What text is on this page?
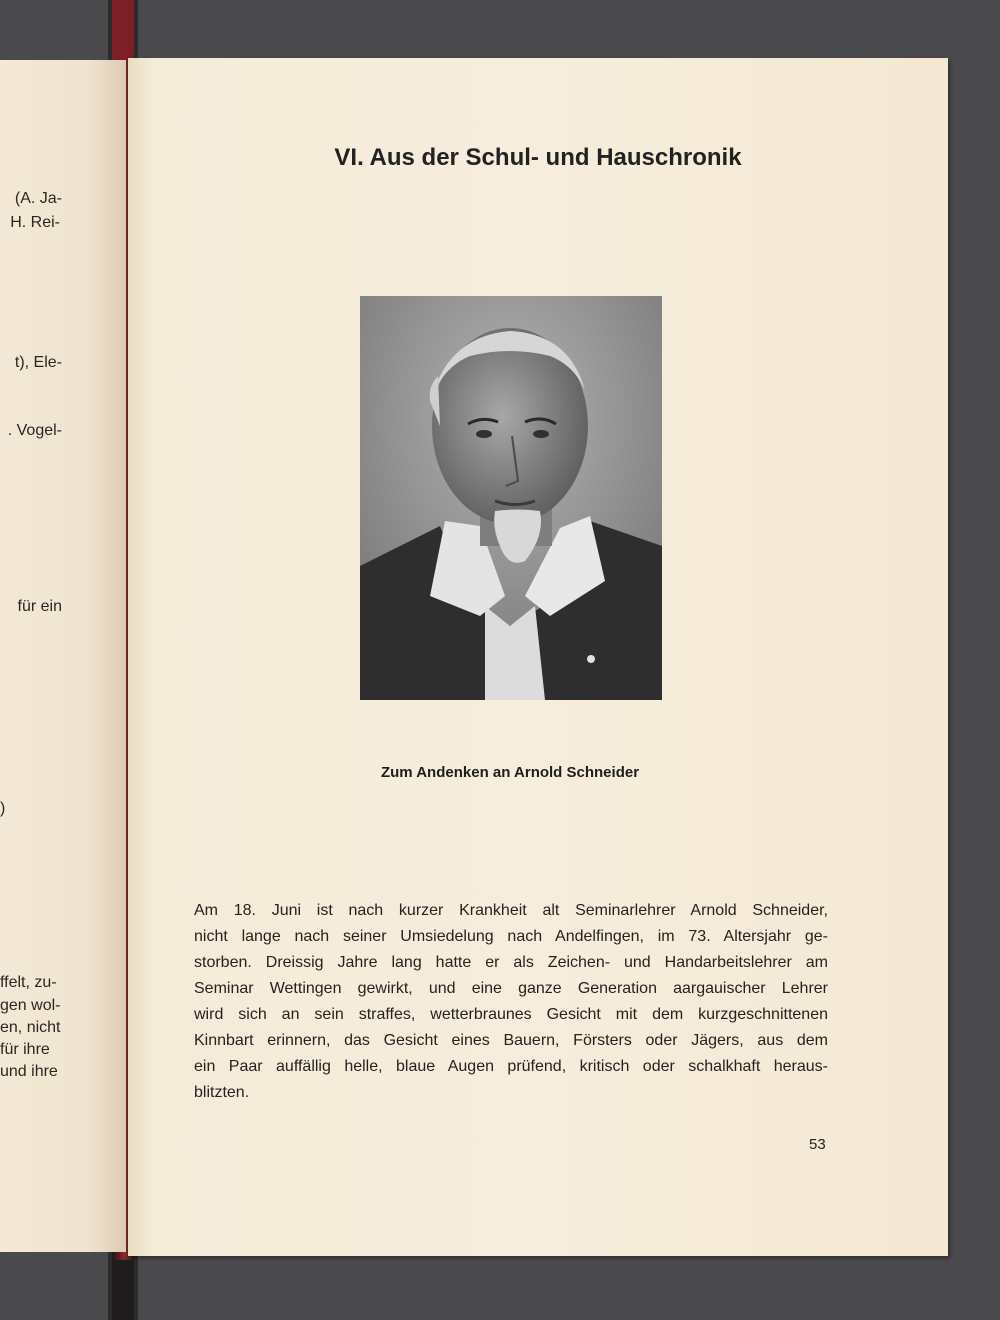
(A. Ja-
H. Rei-
t), Ele-
. Vogel-
für ein
)
ffelt, zu-
gen wol-
en, nicht
für ihre
und ihre
VI. Aus der Schul- und Hauschronik
Zum Andenken an Arnold Schneider
Am 18. Juni ist nach kurzer Krankheit alt Seminarlehrer Arnold Schneider,
nicht lange nach seiner Umsiedelung nach Andelfingen, im 73. Altersjahr ge-
storben. Dreissig Jahre lang hatte er als Zeichen- und Handarbeitslehrer am
Seminar Wettingen gewirkt, und eine ganze Generation aargauischer Lehrer
wird sich an sein straffes, wetterbraunes Gesicht mit dem kurzgeschnittenen
Kinnbart erinnern, das Gesicht eines Bauern, Försters oder Jägers, aus dem
ein Paar auffällig helle, blaue Augen prüfend, kritisch oder schalkhaft heraus-
blitzten.
53
